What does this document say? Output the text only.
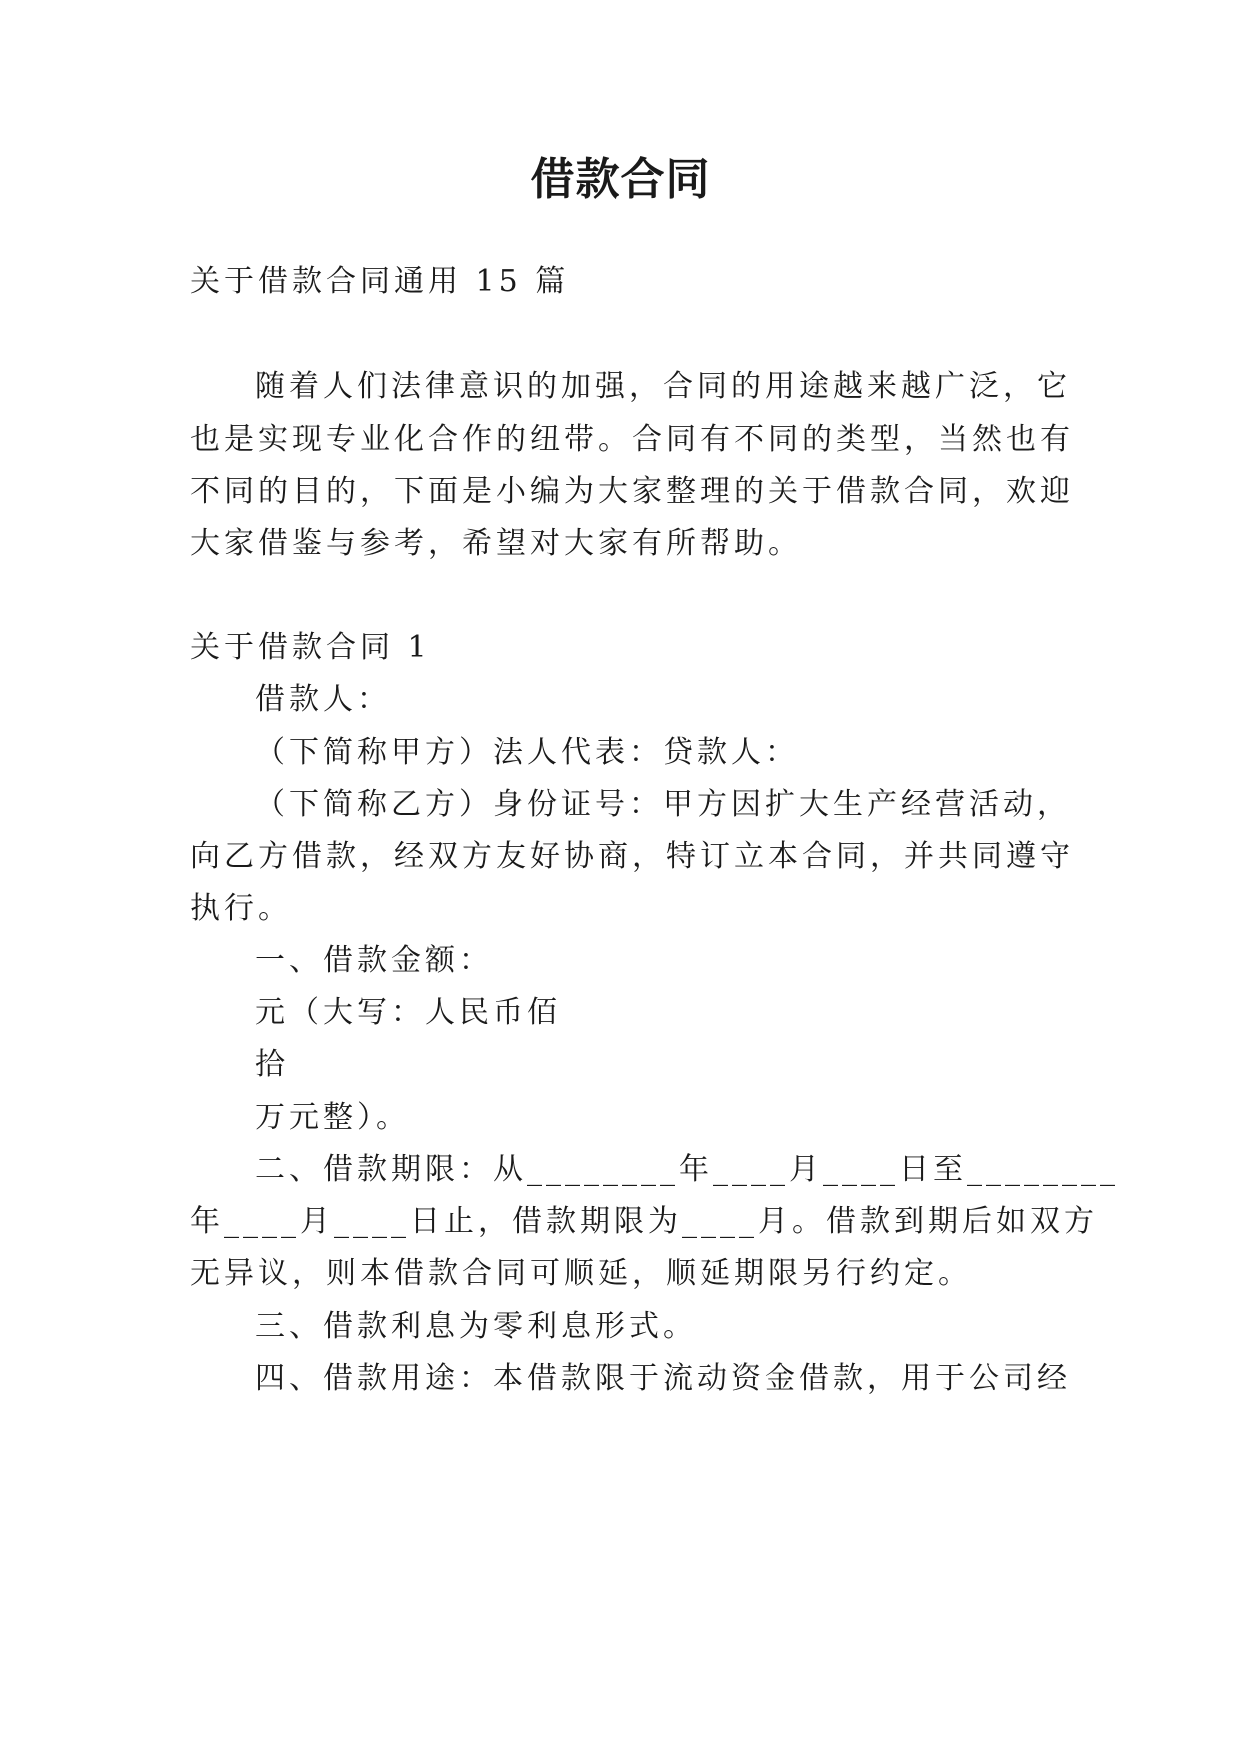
借款合同
关于借款合同通用 15 篇
随着人们法律意识的加强，合同的用途越来越广泛，它
也是实现专业化合作的纽带。合同有不同的类型，当然也有
不同的目的，下面是小编为大家整理的关于借款合同，欢迎
大家借鉴与参考，希望对大家有所帮助。
关于借款合同 1
借款人：
（下简称甲方）法人代表：贷款人：
（下简称乙方）身份证号：甲方因扩大生产经营活动，
向乙方借款，经双方友好协商，特订立本合同，并共同遵守
执行。
一、借款金额：
元（大写：人民币佰
拾
万元整）。
二、借款期限：从________年____月____日至________
年____月____日止，借款期限为____月。借款到期后如双方
无异议，则本借款合同可顺延，顺延期限另行约定。
三、借款利息为零利息形式。
四、借款用途：本借款限于流动资金借款，用于公司经
